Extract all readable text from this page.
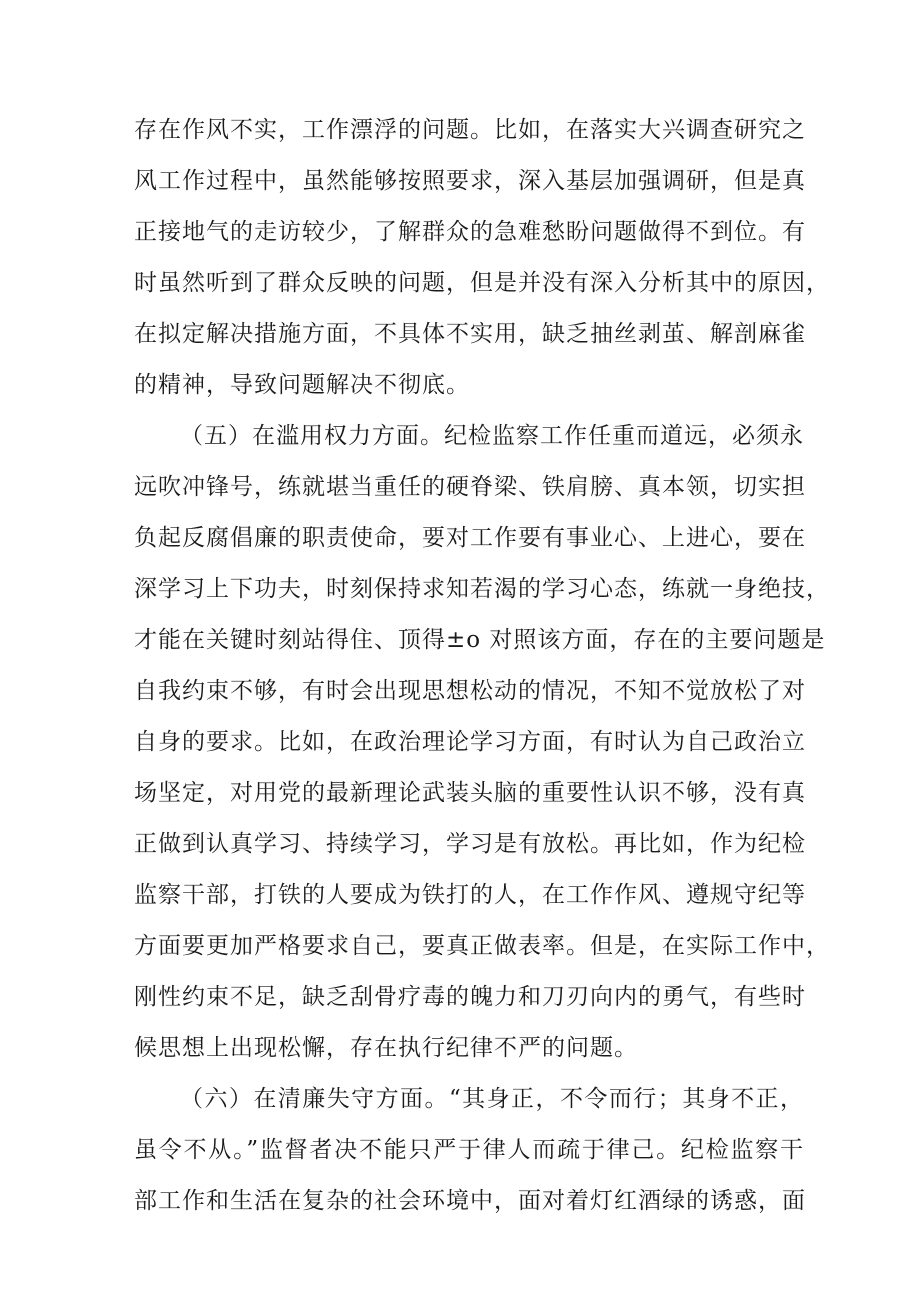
存在作风不实，工作漂浮的问题。比如，在落实大兴调查研究之
风工作过程中，虽然能够按照要求，深入基层加强调研，但是真
正接地气的走访较少，了解群众的急难愁盼问题做得不到位。有
时虽然听到了群众反映的问题，但是并没有深入分析其中的原因，
在拟定解决措施方面，不具体不实用，缺乏抽丝剥茧、解剖麻雀
的精神，导致问题解决不彻底。
（五）在滥用权力方面。纪检监察工作任重而道远，必须永
远吹冲锋号，练就堪当重任的硬脊梁、铁肩膀、真本领，切实担
负起反腐倡廉的职责使命，要对工作要有事业心、上进心，要在
深学习上下功夫，时刻保持求知若渴的学习心态，练就一身绝技，
才能在关键时刻站得住、顶得±o 对照该方面，存在的主要问题是
自我约束不够，有时会出现思想松动的情况，不知不觉放松了对
自身的要求。比如，在政治理论学习方面，有时认为自己政治立
场坚定，对用党的最新理论武装头脑的重要性认识不够，没有真
正做到认真学习、持续学习，学习是有放松。再比如，作为纪检
监察干部，打铁的人要成为铁打的人，在工作作风、遵规守纪等
方面要更加严格要求自己，要真正做表率。但是，在实际工作中，
刚性约束不足，缺乏刮骨疗毒的魄力和刀刃向内的勇气，有些时
候思想上出现松懈，存在执行纪律不严的问题。
（六）在清廉失守方面。“其身正，不令而行；其身不正，
虽令不从。”监督者决不能只严于律人而疏于律己。纪检监察干
部工作和生活在复杂的社会环境中，面对着灯红酒绿的诱惑，面
